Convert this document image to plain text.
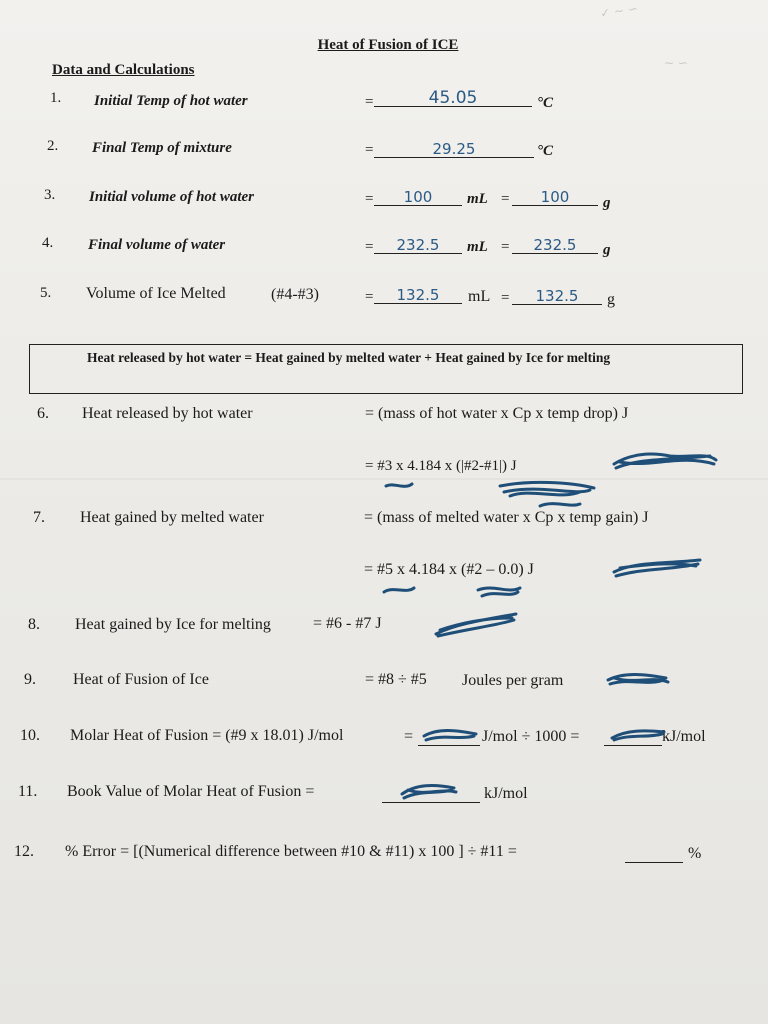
✓ ∼ ∽
∼ ∽
Heat of Fusion of ICE
Data and Calculations
1. Initial Temp of hot water	=	45.05	°C
2. Final Temp of mixture	=	29.25	°C
3. Initial volume of hot water	=	100	mL =	100	g
4. Final volume of water	=	232.5	mL =	232.5	g
5. Volume of Ice Melted	(#4-#3)	=	132.5	mL =	132.5	g
Heat released by hot water = Heat gained by melted water + Heat gained by Ice for melting
6. Heat released by hot water	= (mass of hot water x Cp x temp drop) J
= #3 x 4.184 x (|#2-#1|) J
7. Heat gained by melted water	= (mass of melted water x Cp x temp gain) J
= #5 x 4.184 x (#2 – 0.0) J
8. Heat gained by Ice for melting	= #6 - #7 J
9. Heat of Fusion of Ice	= #8 ÷ #5 Joules per gram
10. Molar Heat of Fusion = (#9 x 18.01) J/mol	=	J/mol ÷ 1000 =	kJ/mol
11. Book Value of Molar Heat of Fusion =	kJ/mol
12. % Error = [(Numerical difference between #10 & #11) x 100 ] ÷ #11 =	%
